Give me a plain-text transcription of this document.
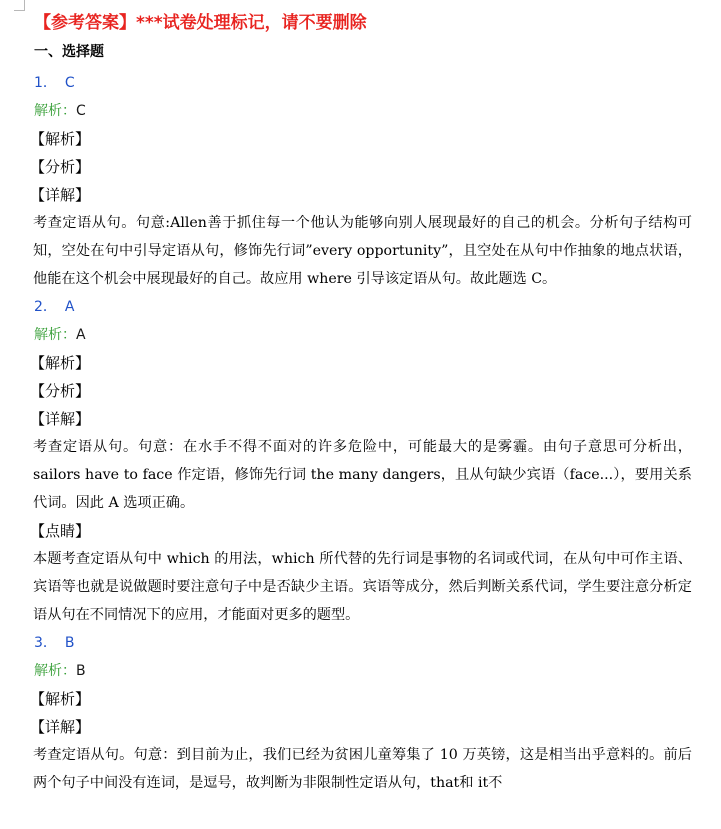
【参考答案】***试卷处理标记，请不要删除

一、选择题

1． C

解析：C

【解析】

【分析】

【详解】

考查定语从句。句意:Allen善于抓住每一个他认为能够向别人展现最好的自己的机会。分析句子结构可知，空处在句中引导定语从句，修饰先行词”every opportunity”，且空处在从句中作抽象的地点状语，他能在这个机会中展现最好的自己。故应用 where 引导该定语从句。故此题选 C。

2． A

解析：A

【解析】

【分析】

【详解】

考查定语从句。句意：在水手不得不面对的许多危险中，可能最大的是雾霾。由句子意思可分析出，sailors have to face 作定语，修饰先行词 the many dangers，且从句缺少宾语（face...），要用关系代词。因此 A 选项正确。

【点睛】

本题考查定语从句中 which 的用法，which 所代替的先行词是事物的名词或代词，在从句中可作主语、宾语等也就是说做题时要注意句子中是否缺少主语。宾语等成分，然后判断关系代词，学生要注意分析定语从句在不同情况下的应用，才能面对更多的题型。

3． B

解析：B

【解析】

【详解】

考查定语从句。句意：到目前为止，我们已经为贫困儿童筹集了 10 万英镑，这是相当出乎意料的。前后两个句子中间没有连词，是逗号，故判断为非限制性定语从句，that和 it不
